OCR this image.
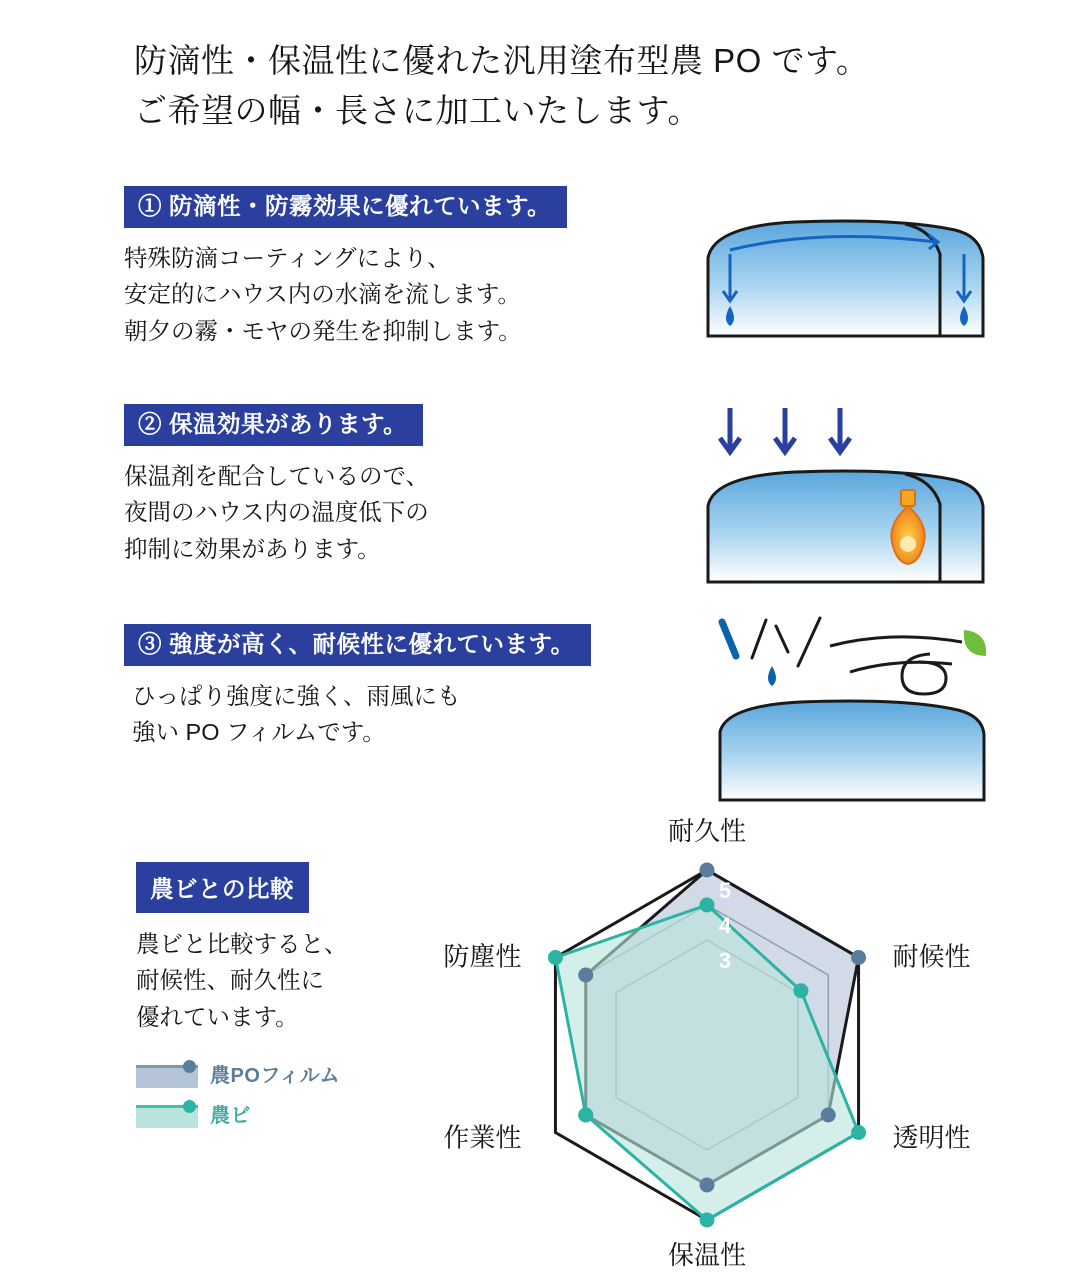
防滴性・保温性に優れた汎用塗布型農 PO です。
ご希望の幅・長さに加工いたします。
① 防滴性・防霧効果に優れています。
特殊防滴コーティングにより、
安定的にハウス内の水滴を流します。
朝夕の霧・モヤの発生を抑制します。
② 保温効果があります。
保温剤を配合しているので、
夜間のハウス内の温度低下の
抑制に効果があります。
③ 強度が高く、耐候性に優れています。
ひっぱり強度に強く、雨風にも
強い PO フィルムです。
農ビとの比較
農ビと比較すると、
耐候性、耐久性に
優れています。
農POフィルム
農ビ
5
4
3
耐久性
耐候性
透明性
保温性
作業性
防塵性
